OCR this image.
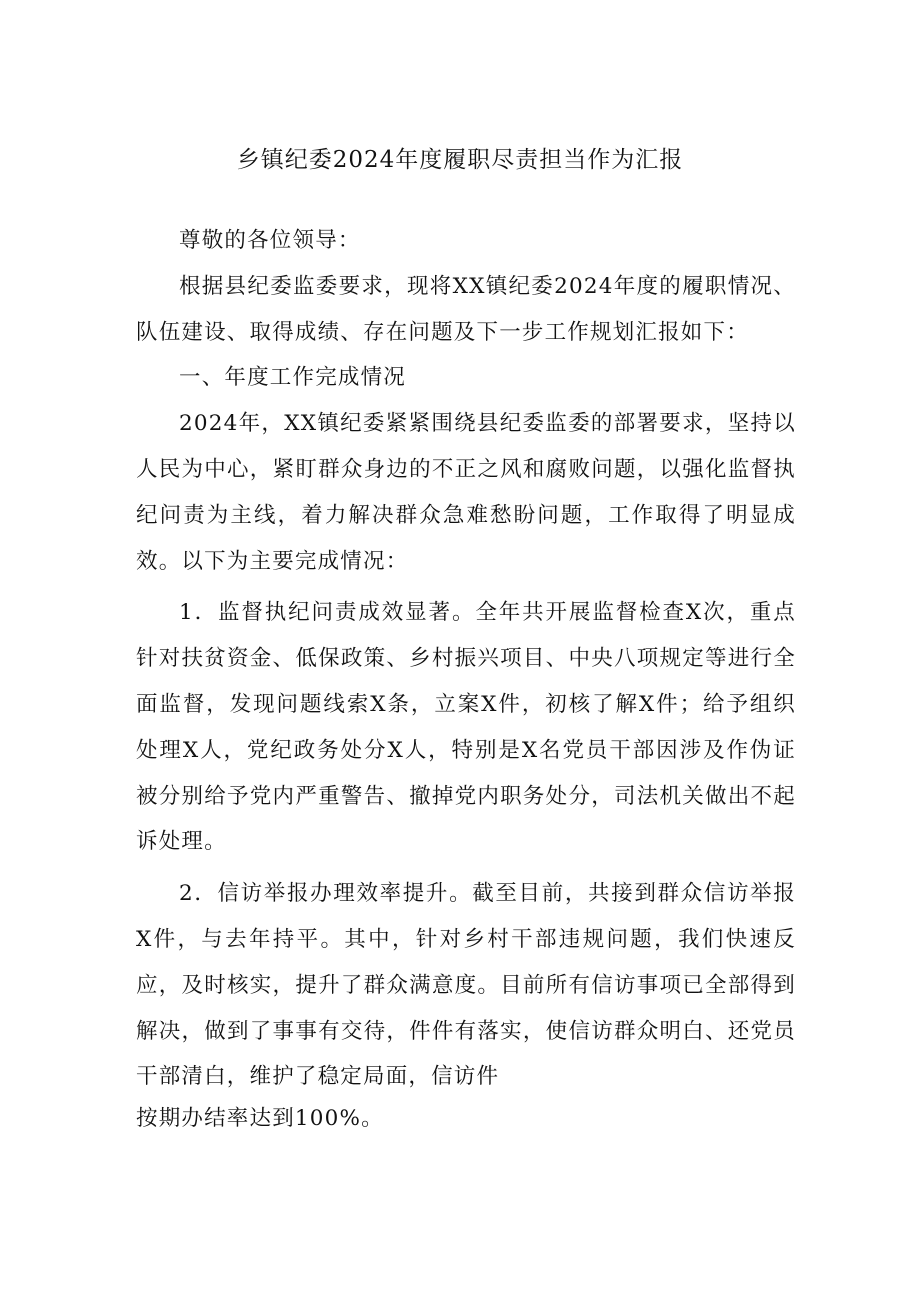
乡镇纪委2024年度履职尽责担当作为汇报

尊敬的各位领导：

根据县纪委监委要求，现将XX镇纪委2024年度的履职情况、队伍建设、取得成绩、存在问题及下一步工作规划汇报如下：

一、年度工作完成情况

2024年，XX镇纪委紧紧围绕县纪委监委的部署要求，坚持以人民为中心，紧盯群众身边的不正之风和腐败问题，以强化监督执纪问责为主线，着力解决群众急难愁盼问题，工作取得了明显成效。以下为主要完成情况：

1．监督执纪问责成效显著。全年共开展监督检查X次，重点针对扶贫资金、低保政策、乡村振兴项目、中央八项规定等进行全面监督，发现问题线索X条，立案X件，初核了解X件；给予组织处理X人，党纪政务处分X人，特别是X名党员干部因涉及作伪证被分别给予党内严重警告、撤掉党内职务处分，司法机关做出不起诉处理。

2．信访举报办理效率提升。截至目前，共接到群众信访举报X件，与去年持平。其中，针对乡村干部违规问题，我们快速反应，及时核实，提升了群众满意度。目前所有信访事项已全部得到解决，做到了事事有交待，件件有落实，使信访群众明白、还党员干部清白，维护了稳定局面，信访件

按期办结率达到100%。
